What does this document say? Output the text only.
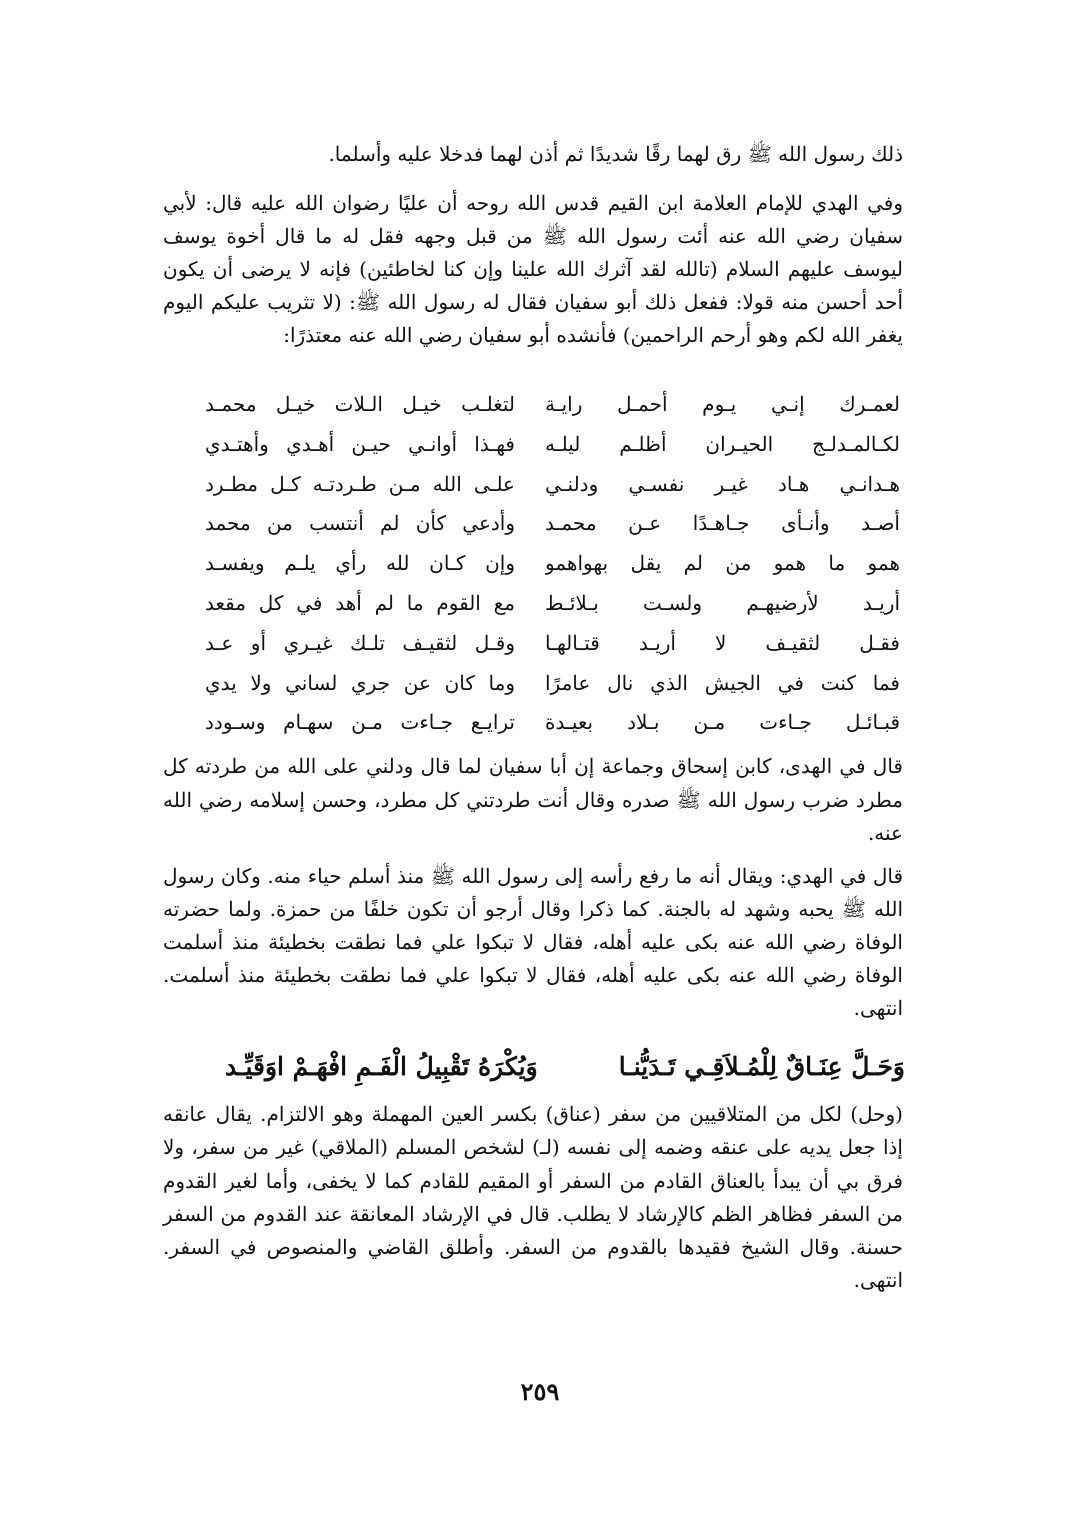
ذلك رسول الله ﷺ رق لهما رقًا شديدًا ثم أذن لهما فدخلا عليه وأسلما.

وفي الهدي للإمام العلامة ابن القيم قدس الله روحه أن عليًا رضوان الله عليه قال: لأبي سفيان رضي الله عنه أئت رسول الله ﷺ من قبل وجهه فقل له ما قال أخوة يوسف ليوسف عليهم السلام (تالله لقد آثرك الله علينا وإن كنا لخاطئين) فإنه لا يرضى أن يكون أحد أحسن منه قولا: ففعل ذلك أبو سفيان فقال له رسول الله ﷺ: (لا تثريب عليكم اليوم يغفر الله لكم وهو أرحم الراحمين) فأنشده أبو سفيان رضي الله عنه معتذرًا:

لعمـرك إنـي يـوم أحمـل رايـة
لتغلـب خيـل الـلات خيـل محمـد
لكـالمـدلـج الحيـران أظلـم ليلـه
فهـذا أوانـي حيـن أهـدي وأهتـدي
هـدانـي هـاد غيـر نفسـي ودلنـي
علـى الله مـن طـردتـه كـل مطـرد
أصـد وأنـأى جـاهـدًا عـن محمـد
وأدعي كأن لم أنتسب من محمد
همو ما همو من لم يقل بهواهمو
وإن كـان لله رأي يلـم ويفسـد
أريـد لأرضيهـم ولسـت بـلائـط
مع القوم ما لم أهد في كل مقعد
فقـل لثقيـف لا أريـد قتـالهـا
وقـل لثقيـف تلـك غيـري أو عـد
فما كنت في الجيش الذي نال عامرًا
وما كان عن جري لساني ولا يدي
قبـائـل جـاءت مـن بـلاد بعيـدة
ترايـع جـاءت مـن سهـام وسـودد

قال في الهدى، كابن إسحاق وجماعة إن أبا سفيان لما قال ودلني على الله من طردته كل مطرد ضرب رسول الله ﷺ صدره وقال أنت طردتني كل مطرد، وحسن إسلامه رضي الله عنه.

قال في الهدي: ويقال أنه ما رفع رأسه إلى رسول الله ﷺ منذ أسلم حياء منه. وكان رسول الله ﷺ يحبه وشهد له بالجنة. كما ذكرا وقال أرجو أن تكون خلفًا من حمزة. ولما حضرته الوفاة رضي الله عنه بكى عليه أهله، فقال لا تبكوا علي فما نطقت بخطيئة منذ أسلمت الوفاة رضي الله عنه بكى عليه أهله، فقال لا تبكوا علي فما نطقت بخطيئة منذ أسلمت. انتهى.

وَحَـلَّ عِنَـاقٌ لِلْمُـلاَقِـي تَـدَيُّنـا
وَيُكْرَهُ تَقْبِيلُ الْفَـمِ افْهَـمْ اوَقَيِّـد

(وحل) لكل من المتلاقيين من سفر (عناق) بكسر العين المهملة وهو الالتزام. يقال عانقه إذا جعل يديه على عنقه وضمه إلى نفسه (لـ) لشخص المسلم (الملاقي) غير من سفر، ولا فرق بي أن يبدأ بالعناق القادم من السفر أو المقيم للقادم كما لا يخفى، وأما لغير القدوم من السفر فظاهر الظم كالإرشاد لا يطلب. قال في الإرشاد المعانقة عند القدوم من السفر حسنة. وقال الشيخ فقيدها بالقدوم من السفر. وأطلق القاضي والمنصوص في السفر. انتهى.

٢٥٩
